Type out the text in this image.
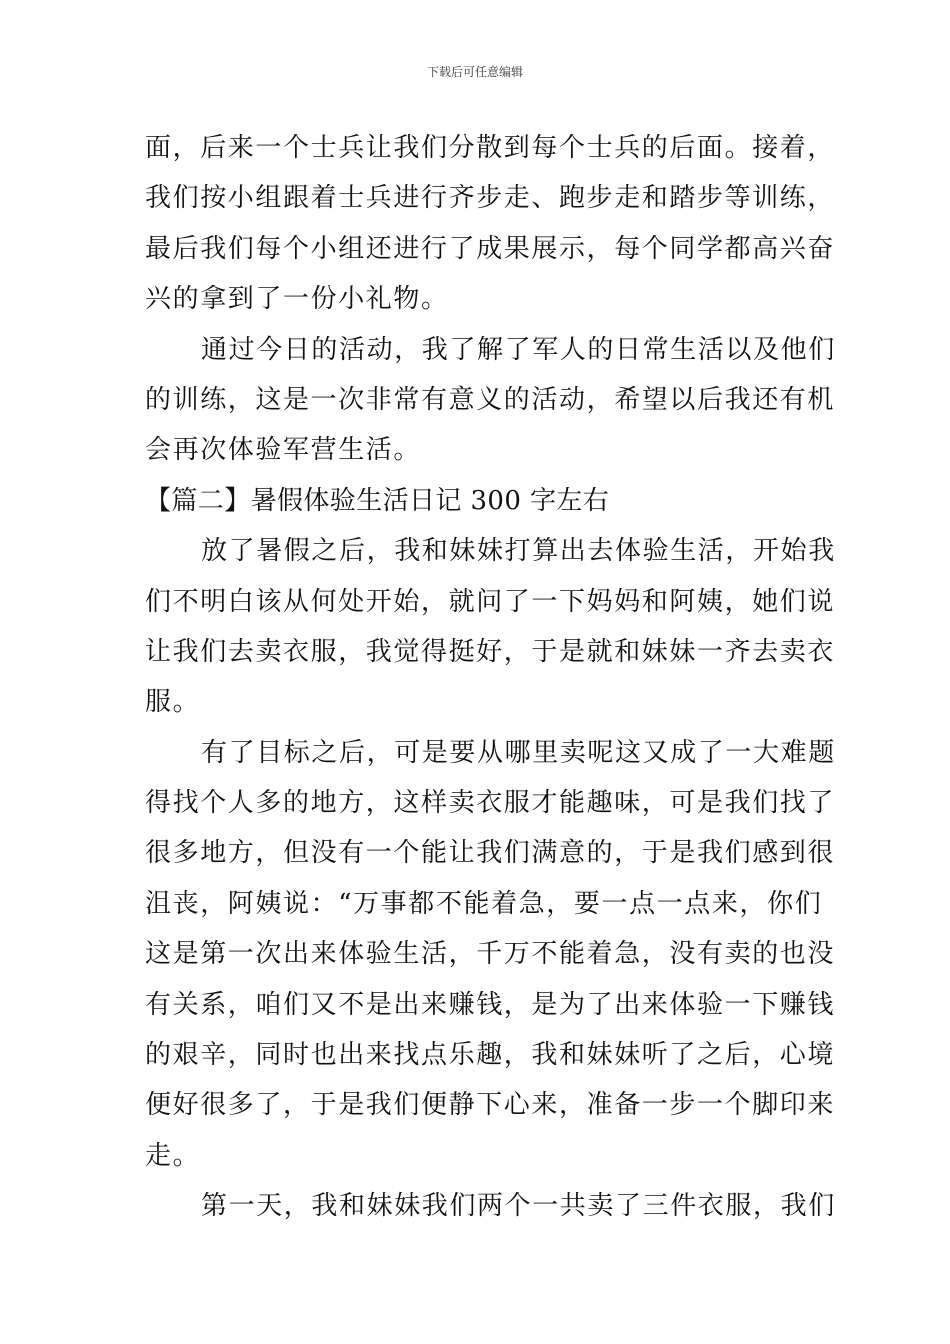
下载后可任意编辑
面，后来一个士兵让我们分散到每个士兵的后面。接着，
我们按小组跟着士兵进行齐步走、跑步走和踏步等训练，
最后我们每个小组还进行了成果展示，每个同学都高兴奋
兴的拿到了一份小礼物。
通过今日的活动，我了解了军人的日常生活以及他们
的训练，这是一次非常有意义的活动，希望以后我还有机
会再次体验军营生活。
【篇二】暑假体验生活日记 300 字左右
放了暑假之后，我和妹妹打算出去体验生活，开始我
们不明白该从何处开始，就问了一下妈妈和阿姨，她们说
让我们去卖衣服，我觉得挺好，于是就和妹妹一齐去卖衣
服。
有了目标之后，可是要从哪里卖呢这又成了一大难题
得找个人多的地方，这样卖衣服才能趣味，可是我们找了
很多地方，但没有一个能让我们满意的，于是我们感到很
沮丧，阿姨说：“万事都不能着急，要一点一点来，你们
这是第一次出来体验生活，千万不能着急，没有卖的也没
有关系，咱们又不是出来赚钱，是为了出来体验一下赚钱
的艰辛，同时也出来找点乐趣，我和妹妹听了之后，心境
便好很多了，于是我们便静下心来，准备一步一个脚印来
走。
第一天，我和妹妹我们两个一共卖了三件衣服，我们
